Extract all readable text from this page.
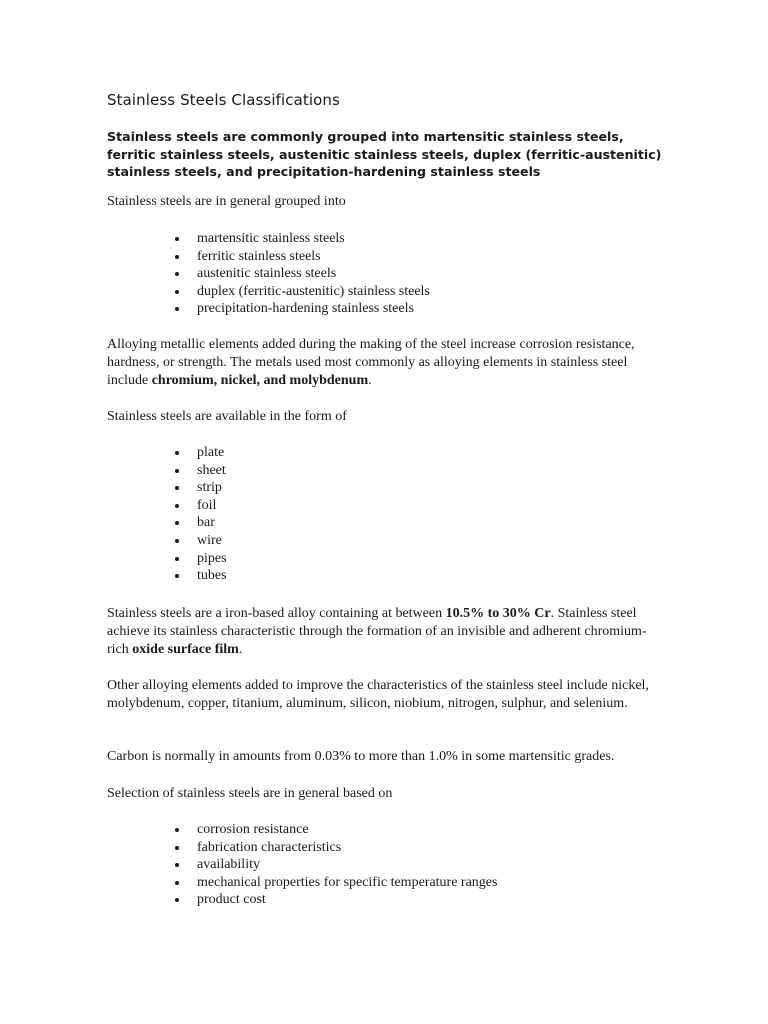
Stainless Steels Classifications

Stainless steels are commonly grouped into martensitic stainless steels, ferritic stainless steels, austenitic stainless steels, duplex (ferritic-austenitic) stainless steels, and precipitation-hardening stainless steels

Stainless steels are in general grouped into

martensitic stainless steels
ferritic stainless steels
austenitic stainless steels
duplex (ferritic-austenitic) stainless steels
precipitation-hardening stainless steels

Alloying metallic elements added during the making of the steel increase corrosion resistance, hardness, or strength. The metals used most commonly as alloying elements in stainless steel include chromium, nickel, and molybdenum.

Stainless steels are available in the form of

plate
sheet
strip
foil
bar
wire
pipes
tubes

Stainless steels are a iron-based alloy containing at between 10.5% to 30% Cr. Stainless steel achieve its stainless characteristic through the formation of an invisible and adherent chromium-rich oxide surface film.

Other alloying elements added to improve the characteristics of the stainless steel include nickel, molybdenum, copper, titanium, aluminum, silicon, niobium, nitrogen, sulphur, and selenium.

Carbon is normally in amounts from 0.03% to more than 1.0% in some martensitic grades.

Selection of stainless steels are in general based on

corrosion resistance
fabrication characteristics
availability
mechanical properties for specific temperature ranges
product cost
